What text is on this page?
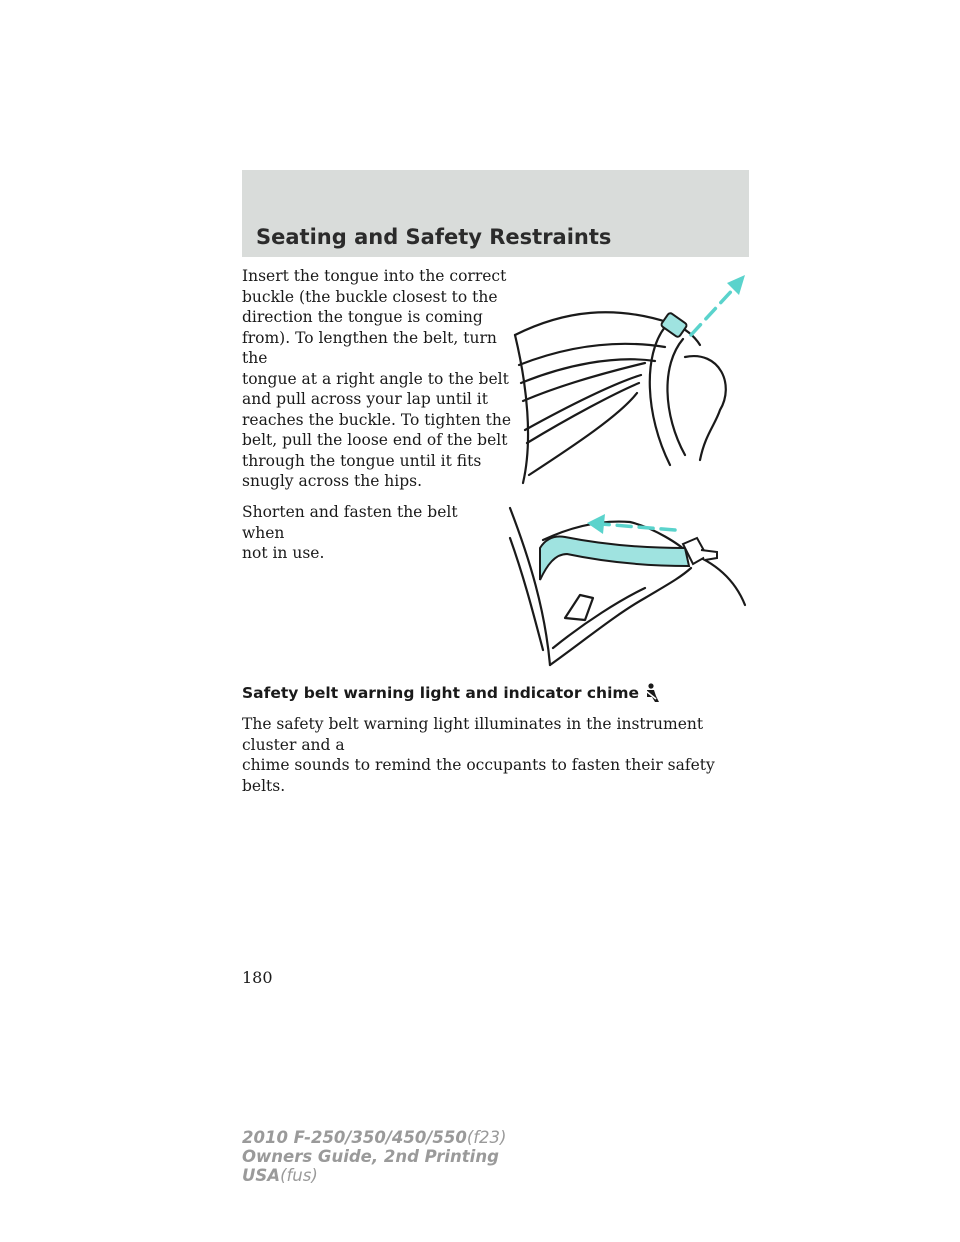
Seating and Safety Restraints

Insert the tongue into the correct
buckle (the buckle closest to the
direction the tongue is coming
from). To lengthen the belt, turn the
tongue at a right angle to the belt
and pull across your lap until it
reaches the buckle. To tighten the
belt, pull the loose end of the belt
through the tongue until it fits
snugly across the hips.

Shorten and fasten the belt when
not in use.

Safety belt warning light and indicator chime

The safety belt warning light illuminates in the instrument cluster and a
chime sounds to remind the occupants to fasten their safety belts.

180
2010 F-250/350/450/550(f23)
Owners Guide, 2nd Printing
USA(fus)
